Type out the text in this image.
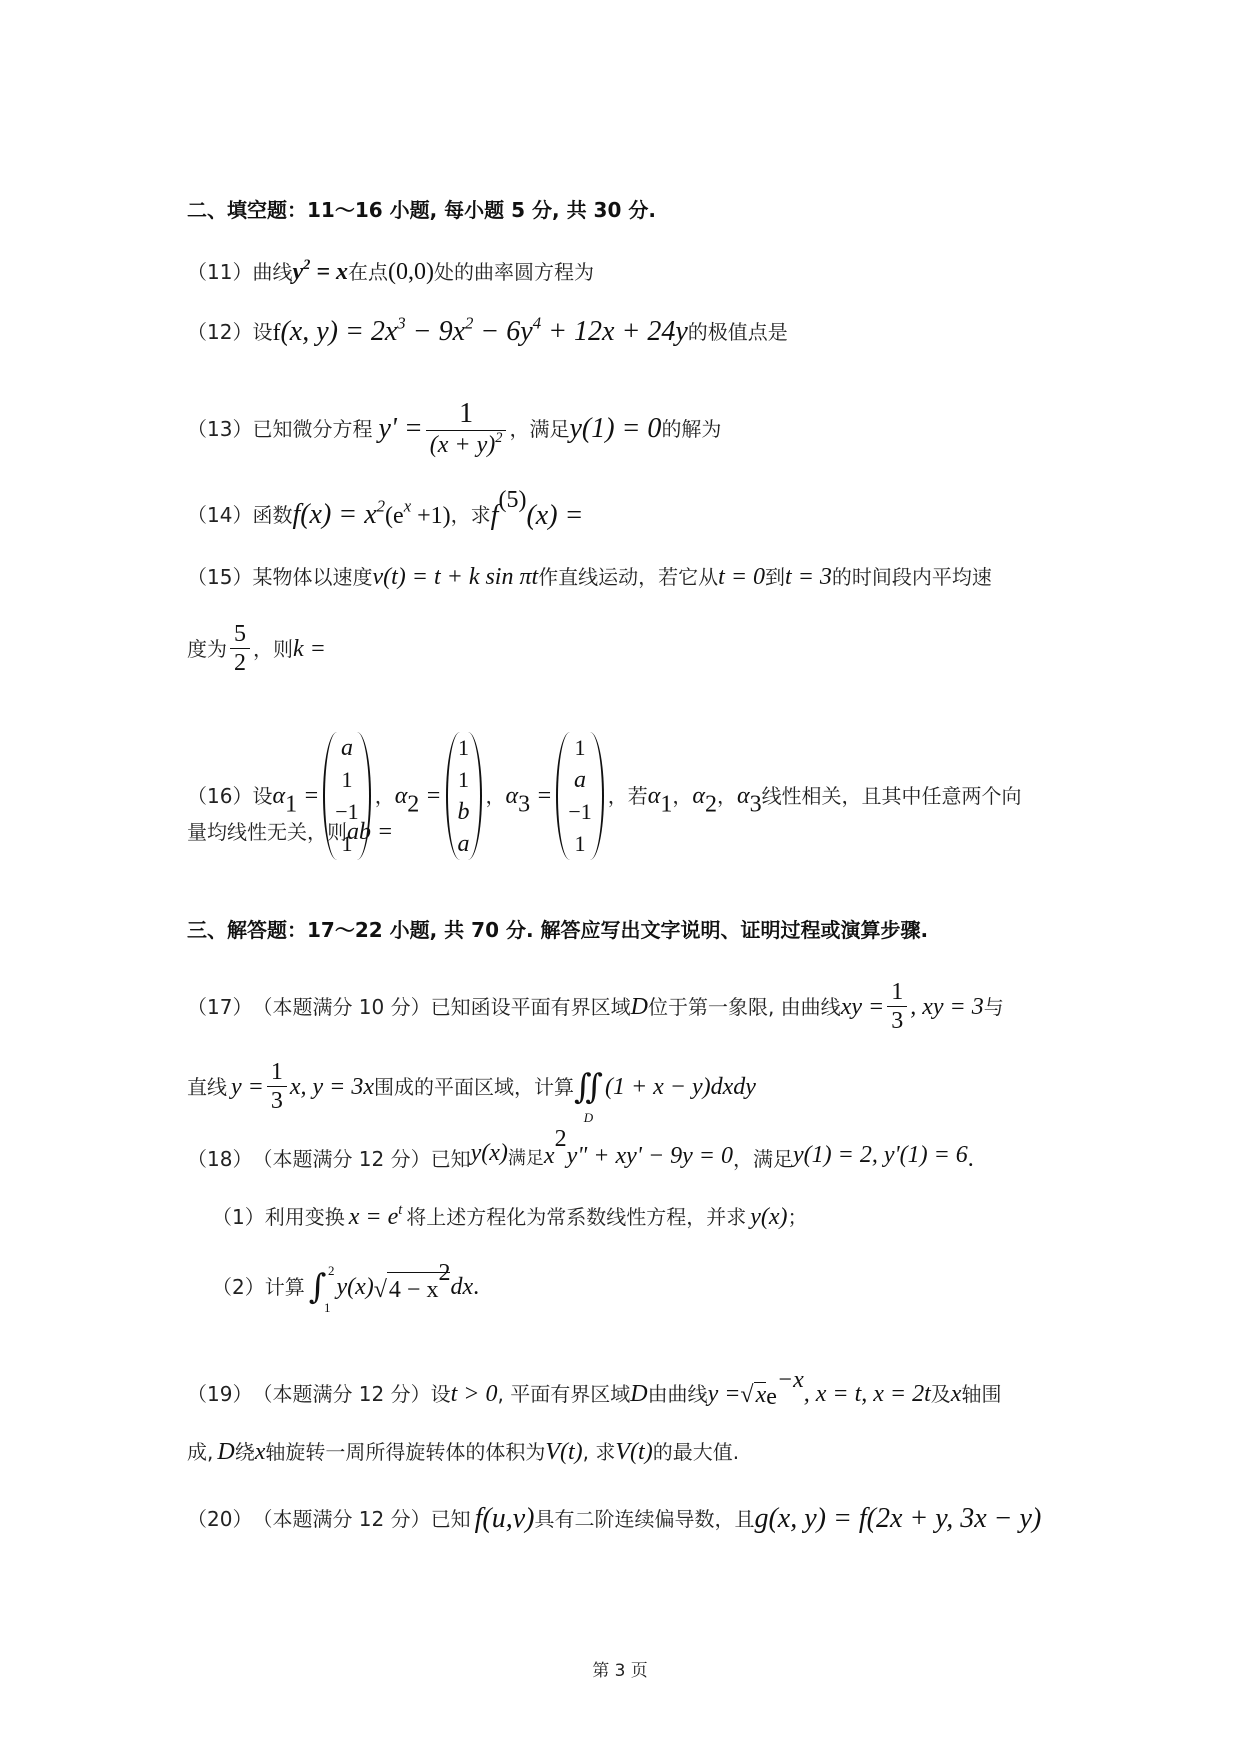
二、填空题：11～16 小题, 每小题 5 分, 共 30 分.
（11） 曲线 $y^2 = x$ 在点 (0,0) 处的曲率圆方程为
（12） 设 f(x, $y) = 2x^3 - 9x^2 - 6y^4 + 12x + 24y$ 的极值点是
（13） 已知微分方程 $y' = \frac{1}{(x + y)^2}$ ，满足 y(1) = 0 的解为
（14） 函数 $f(x) = x^2(e^x +1)$ ，求 $f^{(5)}(x)$ =
（15） 某物体以速度 v(t) = t + k sin πt 作直线运动，若它从 t = 0 到 t = 3 的时间段内平均速
度为 $\frac{5}{2}$ ，则 k =
（16） 设 $\alpha_1$ =
a
1
−1
1
， $\alpha_2$ =
1
1
b
a
， $\alpha_3$ =
1
a
−1
1
，若 $\alpha_1$ ， $\alpha_2$ ， $\alpha_3$ 线性相关，且其中任意两个向
量均线性无关，则 ab =
三、解答题：17～22 小题, 共 70 分. 解答应写出文字说明、证明过程或演算步骤.
（17） （本题满分 10 分） 已知函设平面有界区域 D 位于第一象限, 由曲线 xy = $\frac{1}{3}$ , xy = 3 与
直线 $y = \frac{1}{3} x$, y = 3x 围成的平面区域，计算 ∬
D
(1 + x − y)dxdy
（18） （本题满分 12 分） 已知 y(x) 满足 $x^2y$" + xy' − 9y = 0 ，满足 y(1) = 2, y'(1) = 6 .
（1） 利用变换 $x = e^t$ 将上述方程化为常系数线性方程，并求 y(x) ；
（2） 计算 ∫ 2
1
y(x) √ $4 - x^2$
dx .
（19） （本题满分 12 分） 设 t > 0 , 平面有界区域 D 由曲线 y = √ x $e^{-x}$
, x = t, x = 2t 及 x 轴围
成, D 绕 x 轴旋转一周所得旋转体的体积为 V(t) , 求 V(t) 的最大值.
（20） （本题满分 12 分） 已知 f(u,v) 具有二阶连续偏导数，且 g(x, y) = f(2x + y, 3x − y)
第 3 页
